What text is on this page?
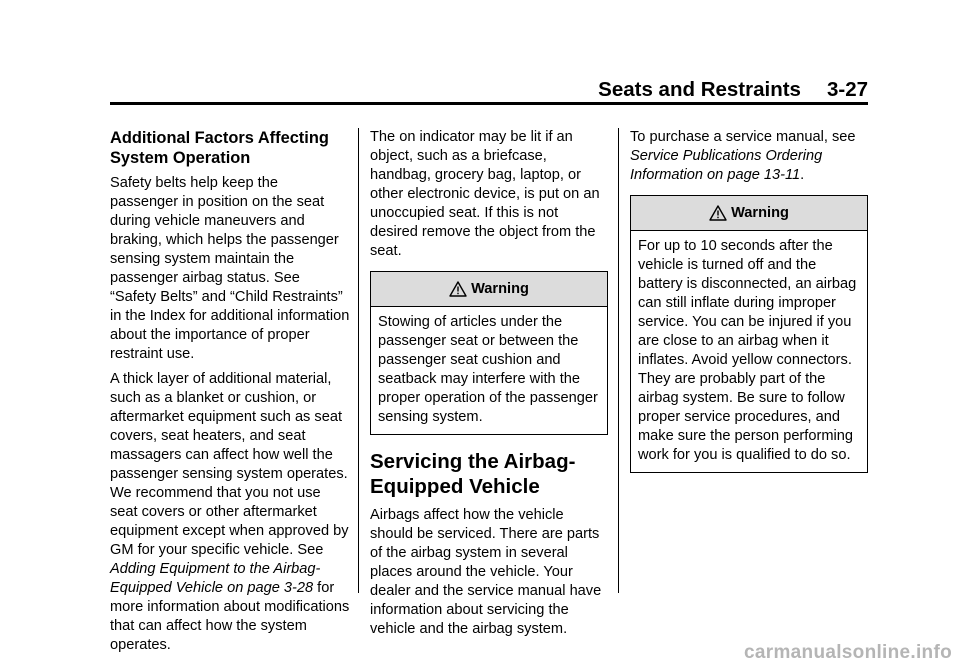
Seats and Restraints 3-27
Additional Factors Affecting System Operation

Safety belts help keep the passenger in position on the seat during vehicle maneuvers and braking, which helps the passenger sensing system maintain the passenger airbag status. See “Safety Belts” and “Child Restraints” in the Index for additional information about the importance of proper restraint use.

A thick layer of additional material, such as a blanket or cushion, or aftermarket equipment such as seat covers, seat heaters, and seat massagers can affect how well the passenger sensing system operates. We recommend that you not use seat covers or other aftermarket equipment except when approved by GM for your specific vehicle. See Adding Equipment to the Airbag-Equipped Vehicle on page 3-28 for more information about modifications that can affect how the system operates.

The on indicator may be lit if an object, such as a briefcase, handbag, grocery bag, laptop, or other electronic device, is put on an unoccupied seat. If this is not desired remove the object from the seat.

Warning
Stowing of articles under the passenger seat or between the passenger seat cushion and seatback may interfere with the proper operation of the passenger sensing system.
Servicing the Airbag-Equipped Vehicle

Airbags affect how the vehicle should be serviced. There are parts of the airbag system in several places around the vehicle. Your dealer and the service manual have information about servicing the vehicle and the airbag system.

To purchase a service manual, see Service Publications Ordering Information on page 13-11.

Warning
For up to 10 seconds after the vehicle is turned off and the battery is disconnected, an airbag can still inflate during improper service. You can be injured if you are close to an airbag when it inflates. Avoid yellow connectors. They are probably part of the airbag system. Be sure to follow proper service procedures, and make sure the person performing work for you is qualified to do so.
carmanualsonline.info
